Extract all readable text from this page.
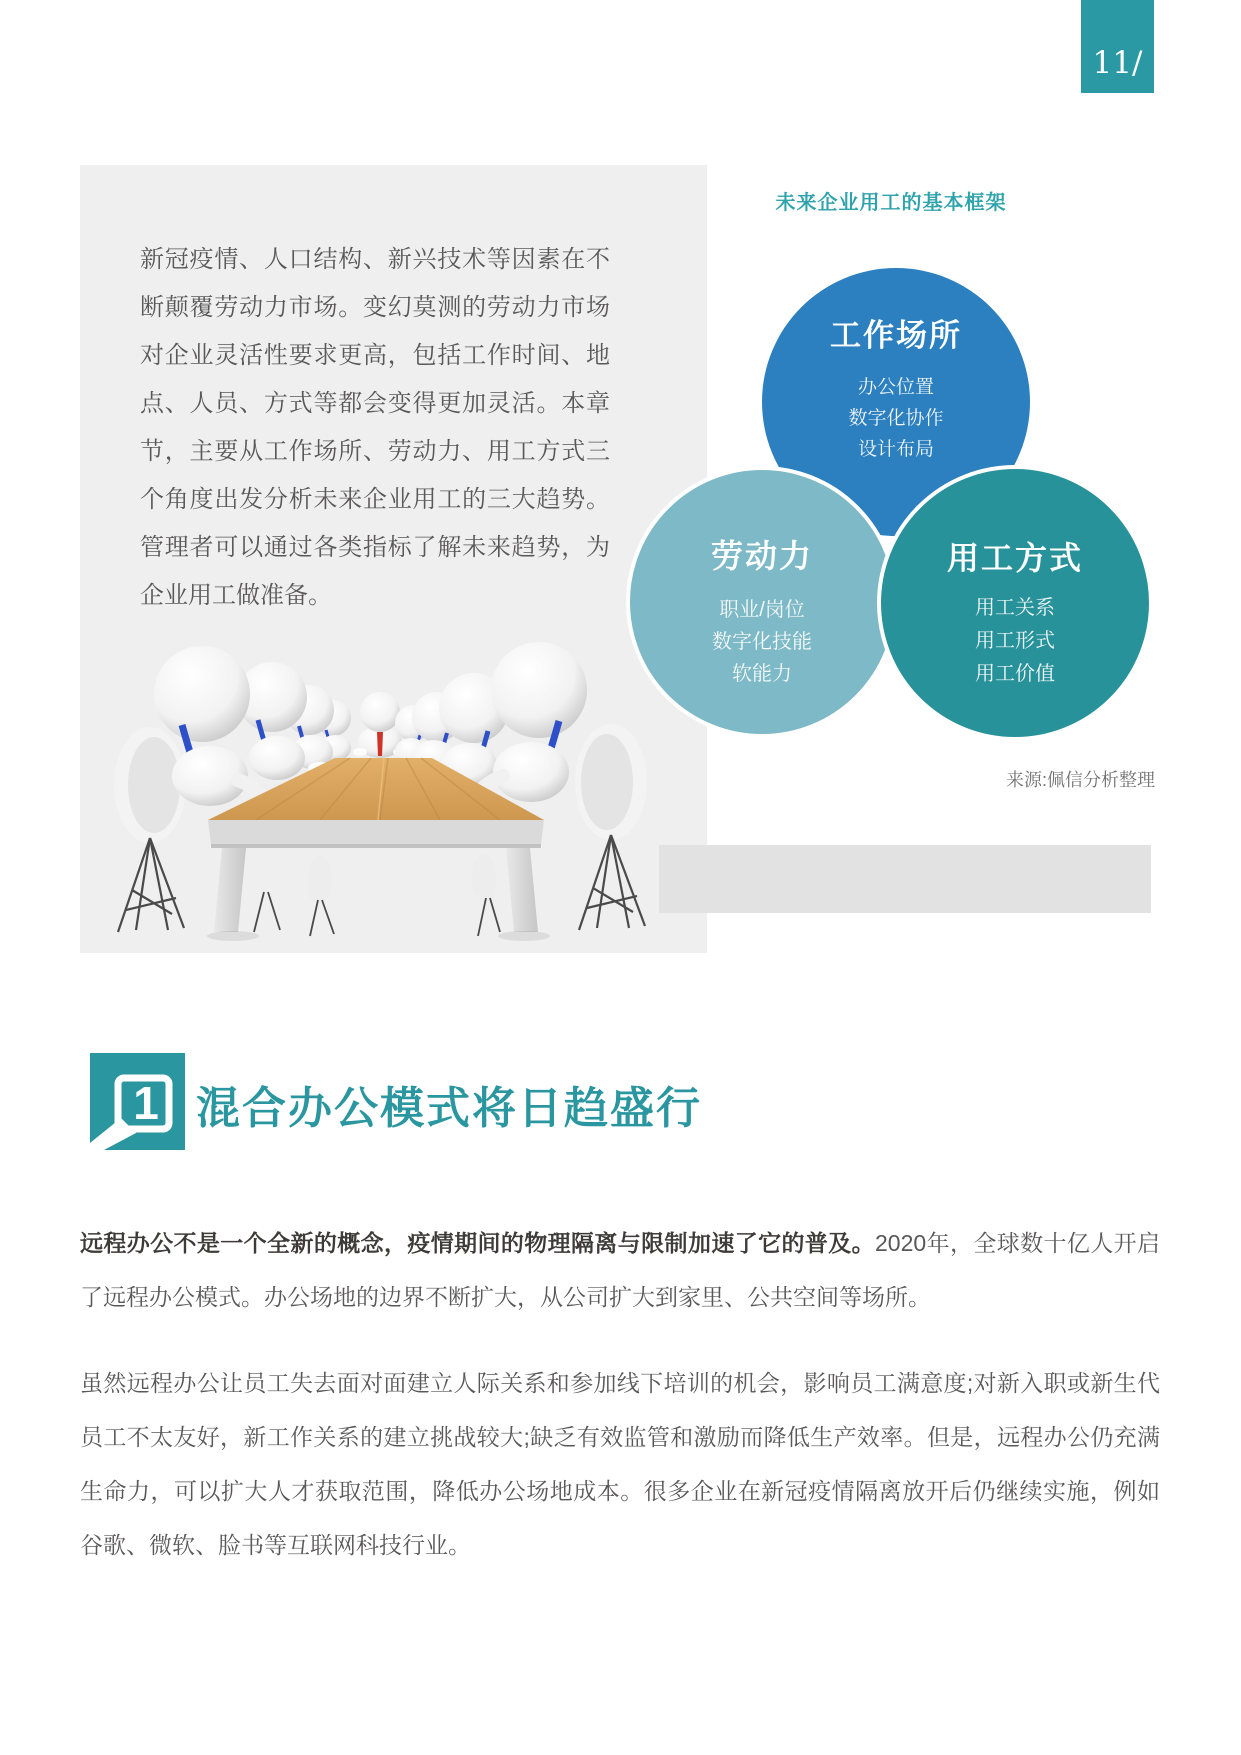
11/
新冠疫情、人口结构、新兴技术等因素在不断颠覆劳动力市场。变幻莫测的劳动力市场对企业灵活性要求更高，包括工作时间、地点、人员、方式等都会变得更加灵活。本章节，主要从工作场所、劳动力、用工方式三个角度出发分析未来企业用工的三大趋势。管理者可以通过各类指标了解未来趋势，为企业用工做准备。
未来企业用工的基本框架
工作场所
办公位置
数字化协作
设计布局
劳动力
职业/岗位
数字化技能
软能力
用工方式
用工关系
用工形式
用工价值
来源:佩信分析整理
1 混合办公模式将日趋盛行

远程办公不是一个全新的概念，疫情期间的物理隔离与限制加速了它的普及。2020年，全球数十亿人开启了远程办公模式。办公场地的边界不断扩大，从公司扩大到家里、公共空间等场所。

虽然远程办公让员工失去面对面建立人际关系和参加线下培训的机会，影响员工满意度;对新入职或新生代员工不太友好，新工作关系的建立挑战较大;缺乏有效监管和激励而降低生产效率。但是，远程办公仍充满生命力，可以扩大人才获取范围，降低办公场地成本。很多企业在新冠疫情隔离放开后仍继续实施，例如谷歌、微软、脸书等互联网科技行业。
